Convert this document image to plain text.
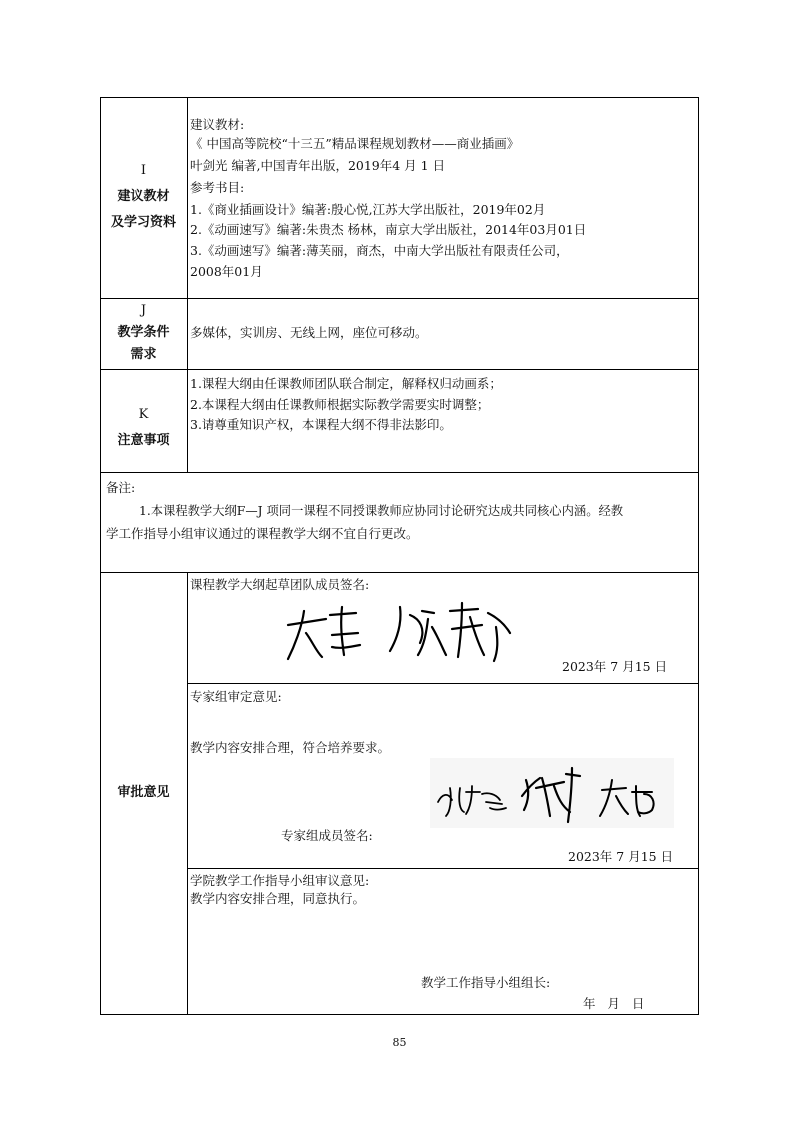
I
建议教材
及学习资料
建议教材:
《 中国高等院校“十三五”精品课程规划教材——商业插画》
叶剑光 编著,中国青年出版，2019年4 月 1 日
参考书目:
1.《商业插画设计》编著:殷心悦,江苏大学出版社，2019年02月
2.《动画速写》编著:朱贵杰 杨林，南京大学出版社，2014年03月01日
3.《动画速写》编著:薄芙丽，商杰，中南大学出版社有限责任公司，
2008年01月
J
教学条件
需求
多媒体，实训房、无线上网，座位可移动。
K
注意事项
1.课程大纲由任课教师团队联合制定，解释权归动画系；
2.本课程大纲由任课教师根据实际教学需要实时调整；
3.请尊重知识产权，本课程大纲不得非法影印。
备注:
1.本课程教学大纲F—J 项同一课程不同授课教师应协同讨论研究达成共同核心内涵。经教
学工作指导小组审议通过的课程教学大纲不宜自行更改。
审批意见
课程教学大纲起草团队成员签名:
2023年 7 月15 日
专家组审定意见:
教学内容安排合理，符合培养要求。
专家组成员签名:
2023年 7 月15 日
学院教学工作指导小组审议意见:
教学内容安排合理，同意执行。
教学工作指导小组组长:
年   月   日
85
